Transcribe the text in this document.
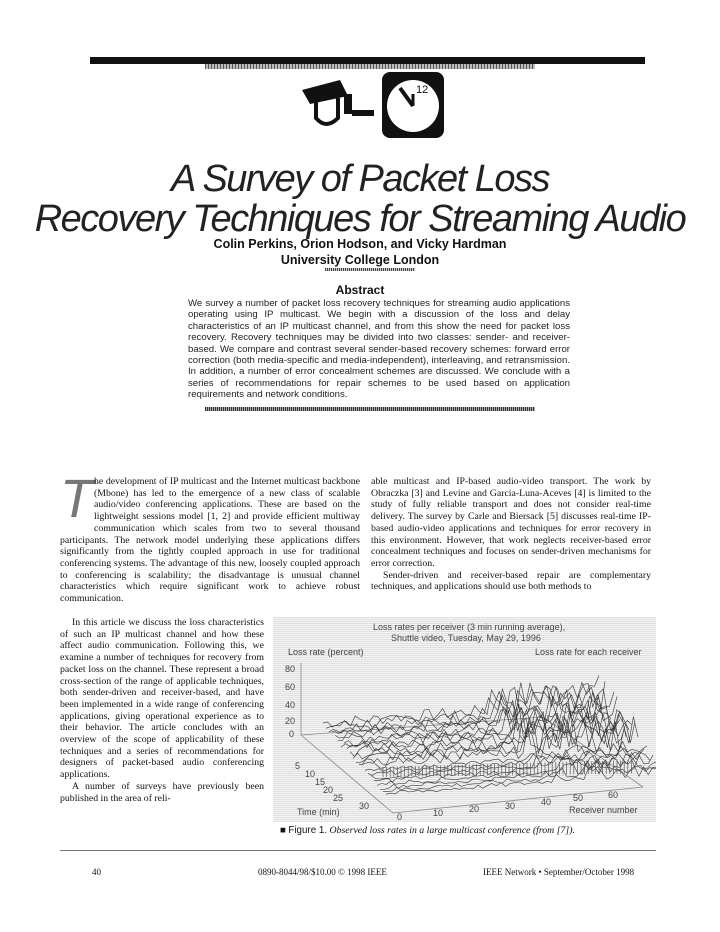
12
A Survey of Packet Loss
Recovery Techniques for Streaming Audio
Colin Perkins, Orion Hodson, and Vicky Hardman
University College London
Abstract
We survey a number of packet loss recovery techniques for streaming audio applications operating using IP multicast. We begin with a discussion of the loss and delay characteristics of an IP multicast channel, and from this show the need for packet loss recovery. Recovery techniques may be divided into two classes: sender- and receiver-based. We compare and contrast several sender-based recovery schemes: forward error correction (both media-specific and media-independent), interleaving, and retransmission. In addition, a number of error concealment schemes are discussed. We conclude with a series of recommendations for repair schemes to be used based on application requirements and network conditions.
T he development of IP multicast and the Internet multicast backbone (Mbone) has led to the emergence of a new class of scalable audio/video conferencing applications. These are based on the lightweight sessions model [1, 2] and provide efficient multiway communication which scales from two to several thousand participants. The network model underlying these applications differs significantly from the tightly coupled approach in use for traditional conferencing systems. The advantage of this new, loosely coupled approach to conferencing is scalability; the disadvantage is unusual channel characteristics which require significant work to achieve robust communication.

In this article we discuss the loss characteristics of such an IP multicast channel and how these affect audio communication. Following this, we examine a number of techniques for recovery from packet loss on the channel. These represent a broad cross-section of the range of applicable techniques, both sender-driven and receiver-based, and have been implemented in a wide range of conferencing applications, giving operational experience as to their behavior. The article concludes with an overview of the scope of applicability of these techniques and a series of recommendations for designers of packet-based audio conferencing applications.

A number of surveys have previously been published in the area of reli-

able multicast and IP-based audio-video transport. The work by Obraczka [3] and Levine and Garcia-Luna-Aceves [4] is limited to the study of fully reliable transport and does not consider real-time delivery. The survey by Carle and Biersack [5] discusses real-time IP-based audio-video applications and techniques for error recovery in this environment. However, that work neglects receiver-based error concealment techniques and focuses on sender-driven mechanisms for error correction.

Sender-driven and receiver-based repair are complementary techniques, and applications should use both methods to

Loss rates per receiver (3 min running average),
Shuttle video, Tuesday, May 29, 1996
Loss rate (percent)	Loss rate for each receiver
80
60
40
20
0
5
10
15
20
25
30
Time (min)	0	10	20	30	40 50	60
Receiver number
■ Figure 1. Observed loss rates in a large multicast conference (from [7]).
40	0890-8044/98/$10.00 © 1998 IEEE	IEEE Network • September/October 1998
